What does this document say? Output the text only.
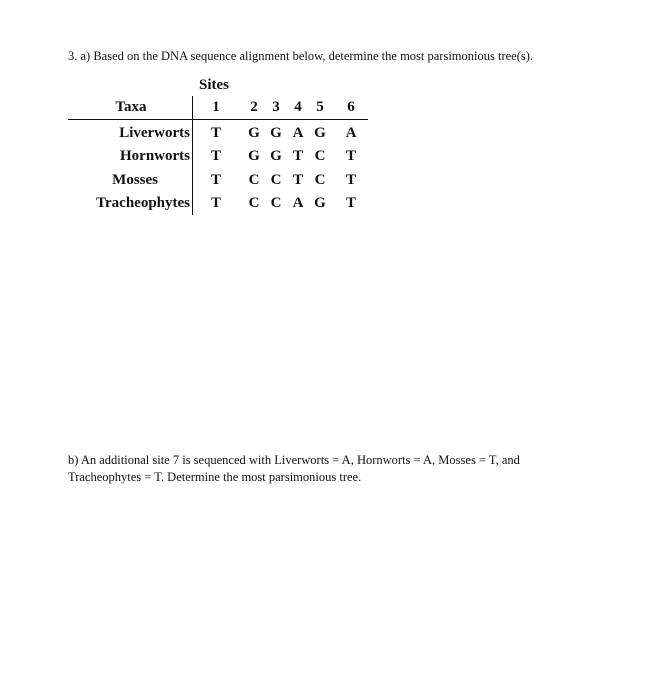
3. a) Based on the DNA sequence alignment below, determine the most parsimonious tree(s).
Sites
Taxa	1 2 3 4 5 6
Liverworts T G G A G A
Hornworts T G G T C T
Mosses	T C C T C T
Tracheophytes T C C A G T

b) An additional site 7 is sequenced with Liverworts = A, Hornworts = A, Mosses = T, and

Tracheophytes = T. Determine the most parsimonious tree.
